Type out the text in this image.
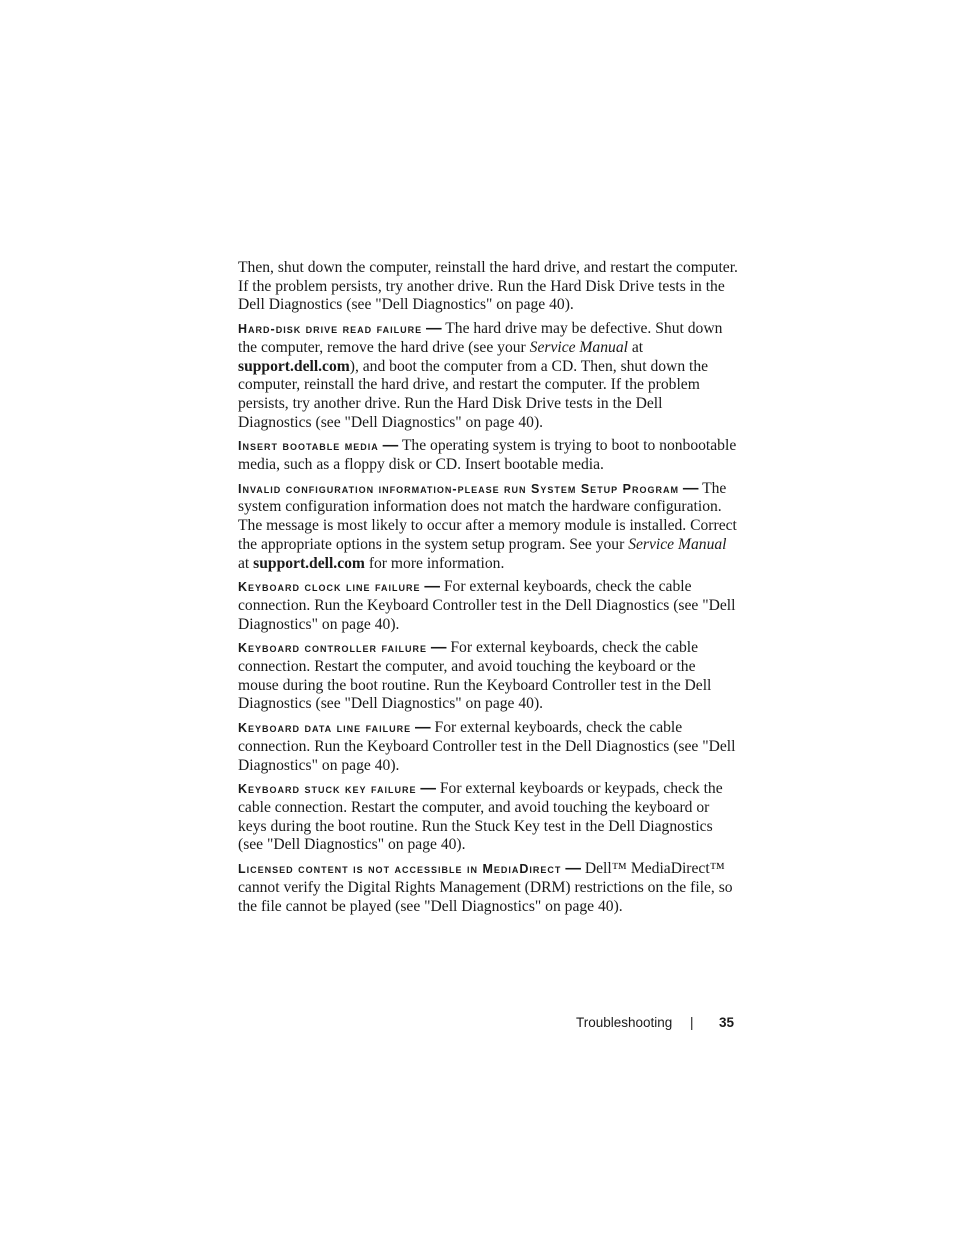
Then, shut down the computer, reinstall the hard drive, and restart the computer. If the problem persists, try another drive. Run the Hard Disk Drive tests in the Dell Diagnostics (see "Dell Diagnostics" on page 40).

Hard-disk drive read failure — The hard drive may be defective. Shut down the computer, remove the hard drive (see your Service Manual at support.dell.com), and boot the computer from a CD. Then, shut down the computer, reinstall the hard drive, and restart the computer. If the problem persists, try another drive. Run the Hard Disk Drive tests in the Dell Diagnostics (see "Dell Diagnostics" on page 40).

Insert bootable media — The operating system is trying to boot to nonbootable media, such as a floppy disk or CD. Insert bootable media.

Invalid configuration information-please run System Setup Program — The system configuration information does not match the hardware configuration. The message is most likely to occur after a memory module is installed. Correct the appropriate options in the system setup program. See your Service Manual at support.dell.com for more information.

Keyboard clock line failure — For external keyboards, check the cable connection. Run the Keyboard Controller test in the Dell Diagnostics (see "Dell Diagnostics" on page 40).

Keyboard controller failure — For external keyboards, check the cable connection. Restart the computer, and avoid touching the keyboard or the mouse during the boot routine. Run the Keyboard Controller test in the Dell Diagnostics (see "Dell Diagnostics" on page 40).

Keyboard data line failure — For external keyboards, check the cable connection. Run the Keyboard Controller test in the Dell Diagnostics (see "Dell Diagnostics" on page 40).

Keyboard stuck key failure — For external keyboards or keypads, check the cable connection. Restart the computer, and avoid touching the keyboard or keys during the boot routine. Run the Stuck Key test in the Dell Diagnostics (see "Dell Diagnostics" on page 40).

Licensed content is not accessible in MediaDirect — Dell™ MediaDirect™ cannot verify the Digital Rights Management (DRM) restrictions on the file, so the file cannot be played (see "Dell Diagnostics" on page 40).

Troubleshooting | 35
